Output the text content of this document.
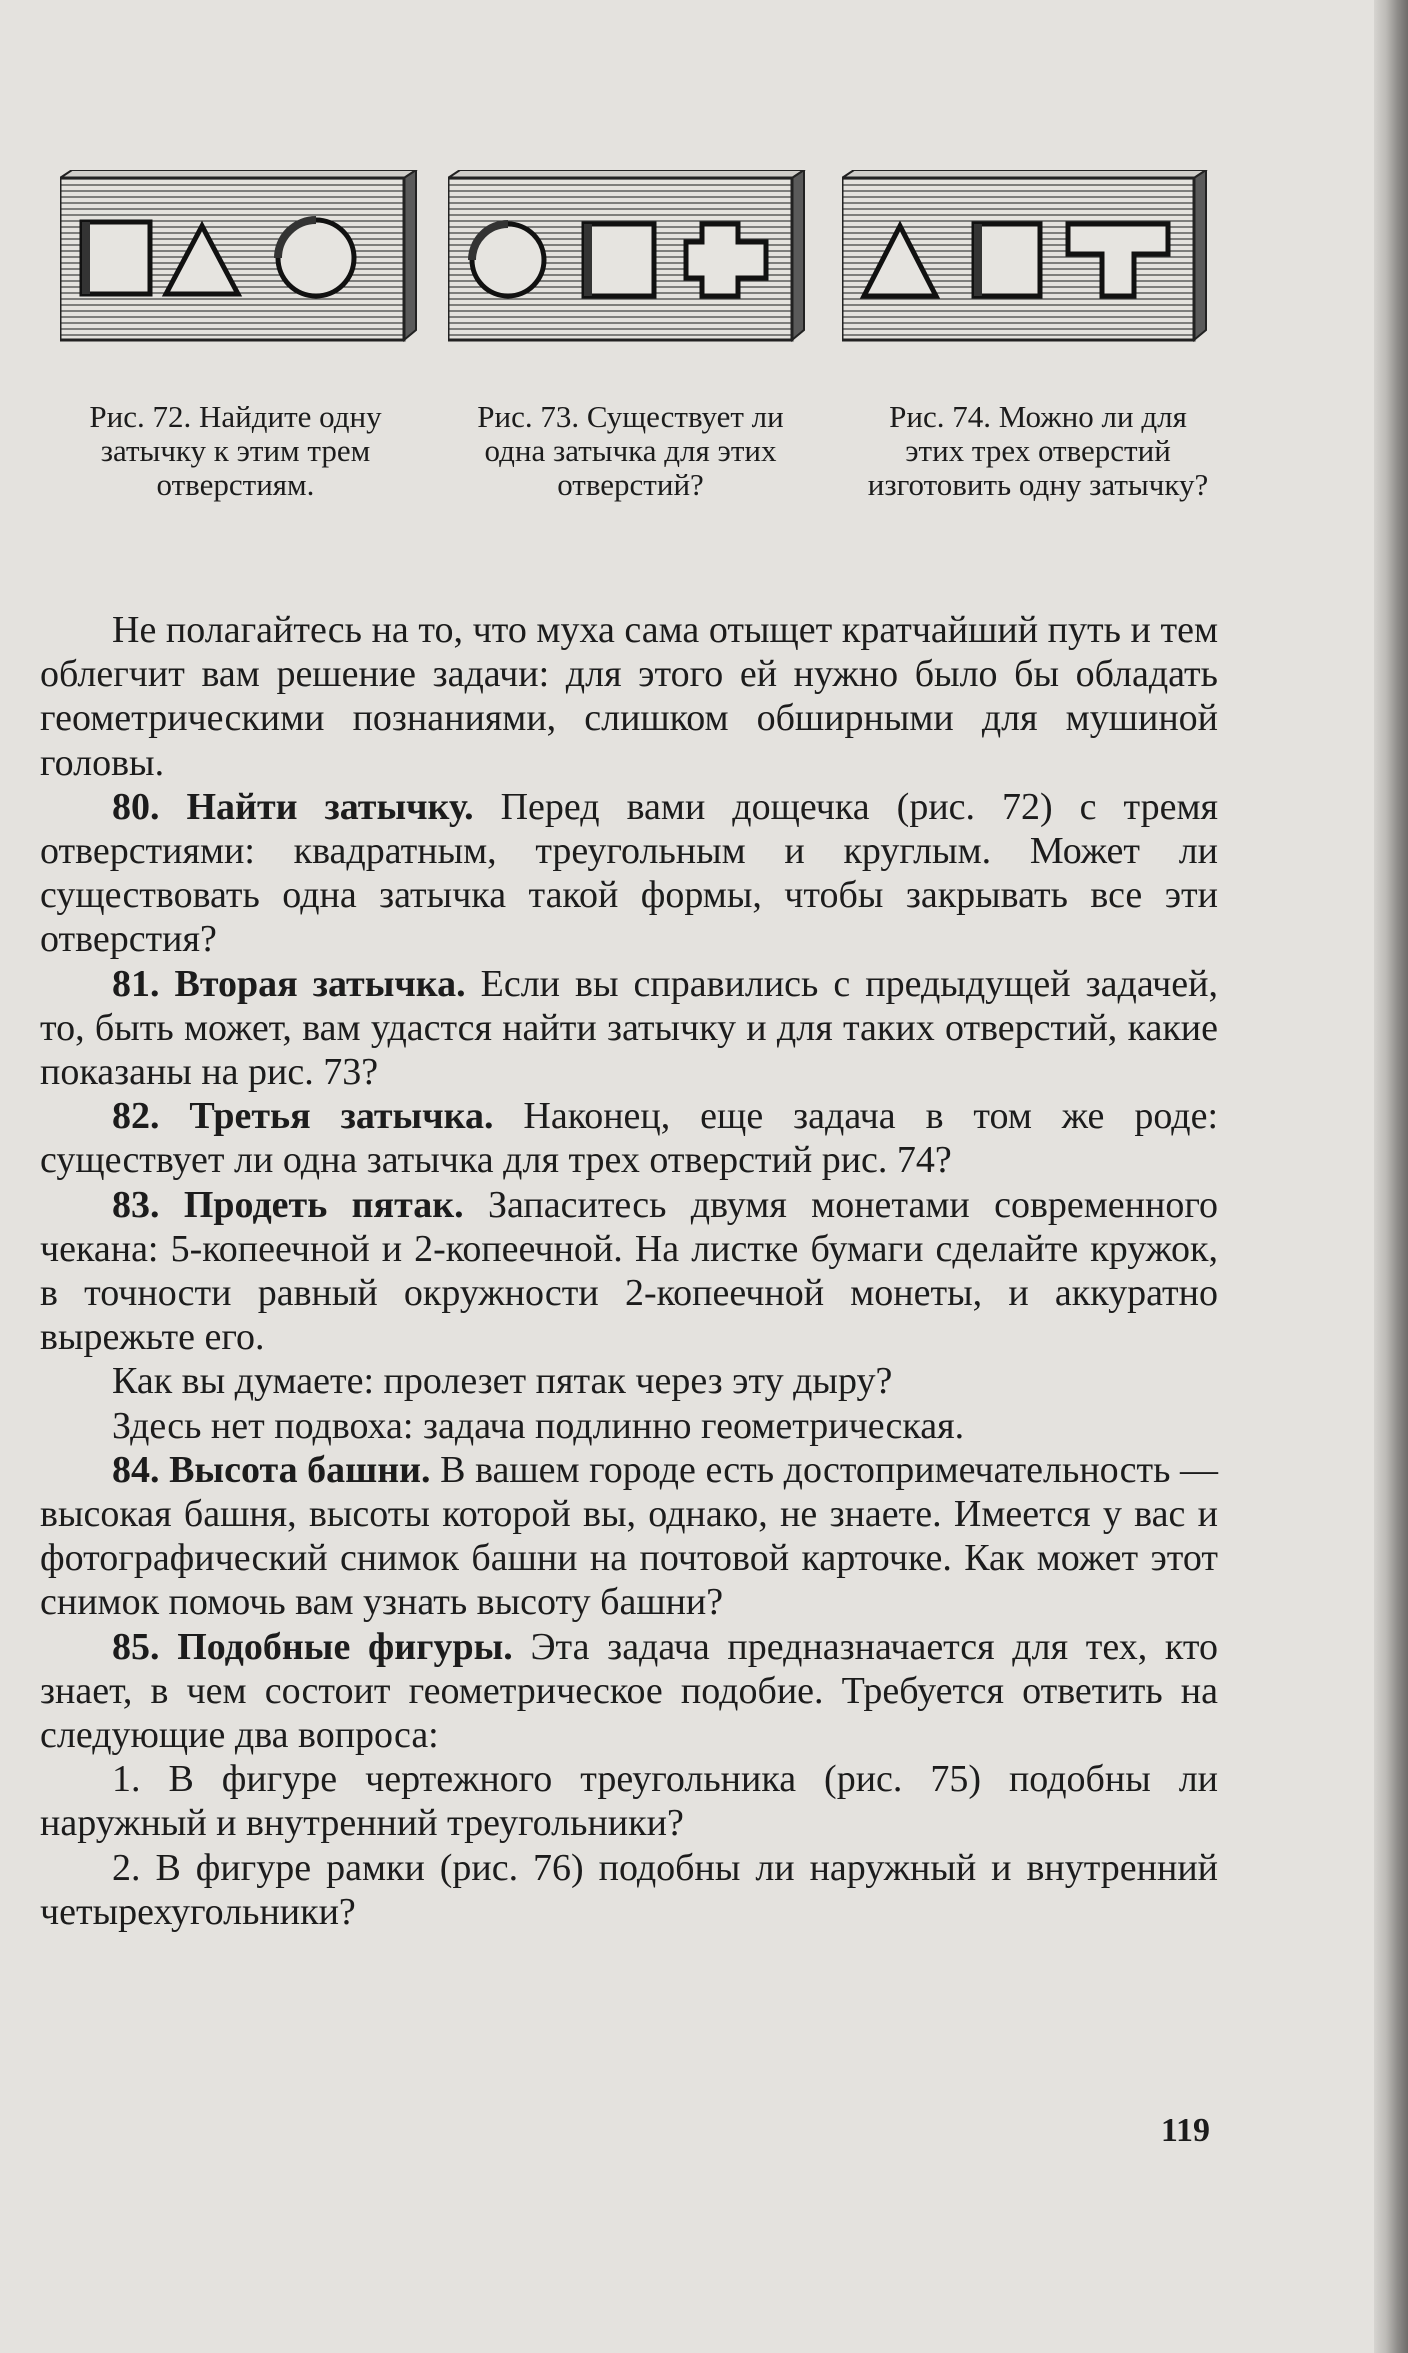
Рис. 72. Найдите одну затычку к этим трем отверстиям.

Рис. 73. Существует ли одна затычка для этих отверстий?

Рис. 74. Можно ли для этих трех отверстий изготовить одну затычку?

Не полагайтесь на то, что муха сама отыщет кратчайший путь и тем облегчит вам решение задачи: для этого ей нужно было бы обладать геометрическими познаниями, слишком обширными для мушиной головы.

80. Найти затычку. Перед вами дощечка (рис. 72) с тремя отверстиями: квадратным, треугольным и круглым. Может ли существовать одна затычка такой формы, чтобы закрывать все эти отверстия?

81. Вторая затычка. Если вы справились с предыдущей задачей, то, быть может, вам удастся найти затычку и для таких отверстий, какие показаны на рис. 73?

82. Третья затычка. Наконец, еще задача в том же роде: существует ли одна затычка для трех отверстий рис. 74?

83. Продеть пятак. Запаситесь двумя монетами современного чекана: 5-копеечной и 2-копеечной. На листке бумаги сделайте кружок, в точности равный окружности 2-копеечной монеты, и аккуратно вырежьте его.

Как вы думаете: пролезет пятак через эту дыру?

Здесь нет подвоха: задача подлинно геометрическая.

84. Высота башни. В вашем городе есть достопримечательность — высокая башня, высоты которой вы, однако, не знаете. Имеется у вас и фотографический снимок башни на почтовой карточке. Как может этот снимок помочь вам узнать высоту башни?

85. Подобные фигуры. Эта задача предназначается для тех, кто знает, в чем состоит геометрическое подобие. Требуется ответить на следующие два вопроса:

1. В фигуре чертежного треугольника (рис. 75) подобны ли наружный и внутренний треугольники?

2. В фигуре рамки (рис. 76) подобны ли наружный и внутренний четырехугольники?

119
